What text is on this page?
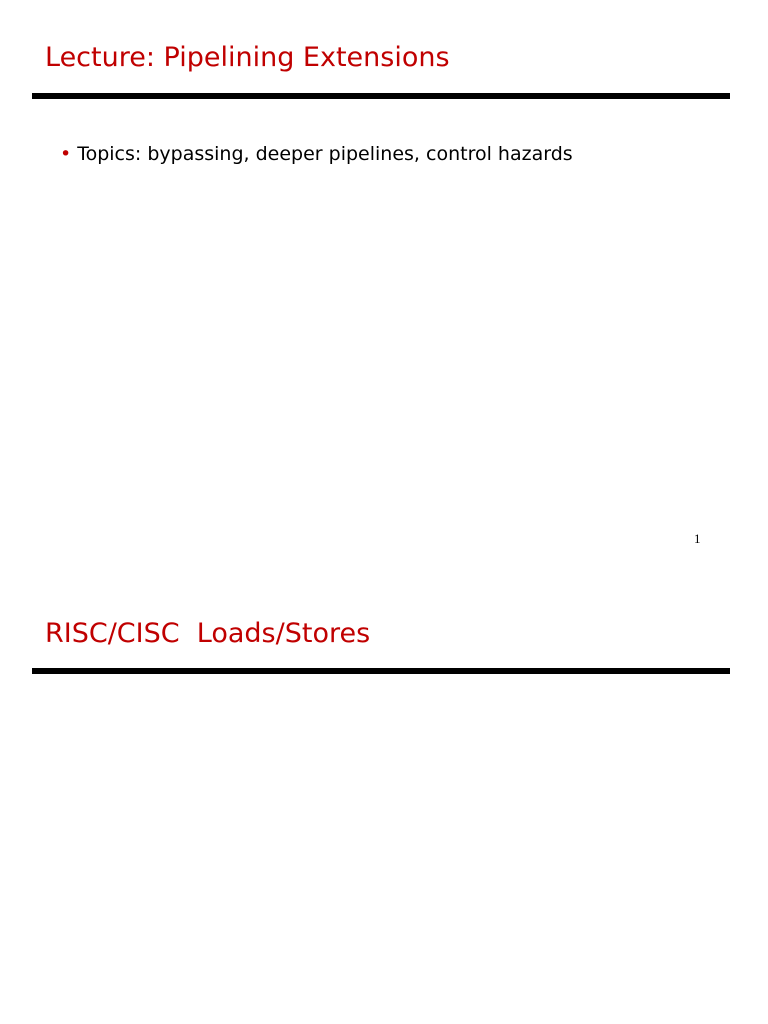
Lecture: Pipelining Extensions
• Topics: bypassing, deeper pipelines, control hazards
1
RISC/CISC  Loads/Stores
